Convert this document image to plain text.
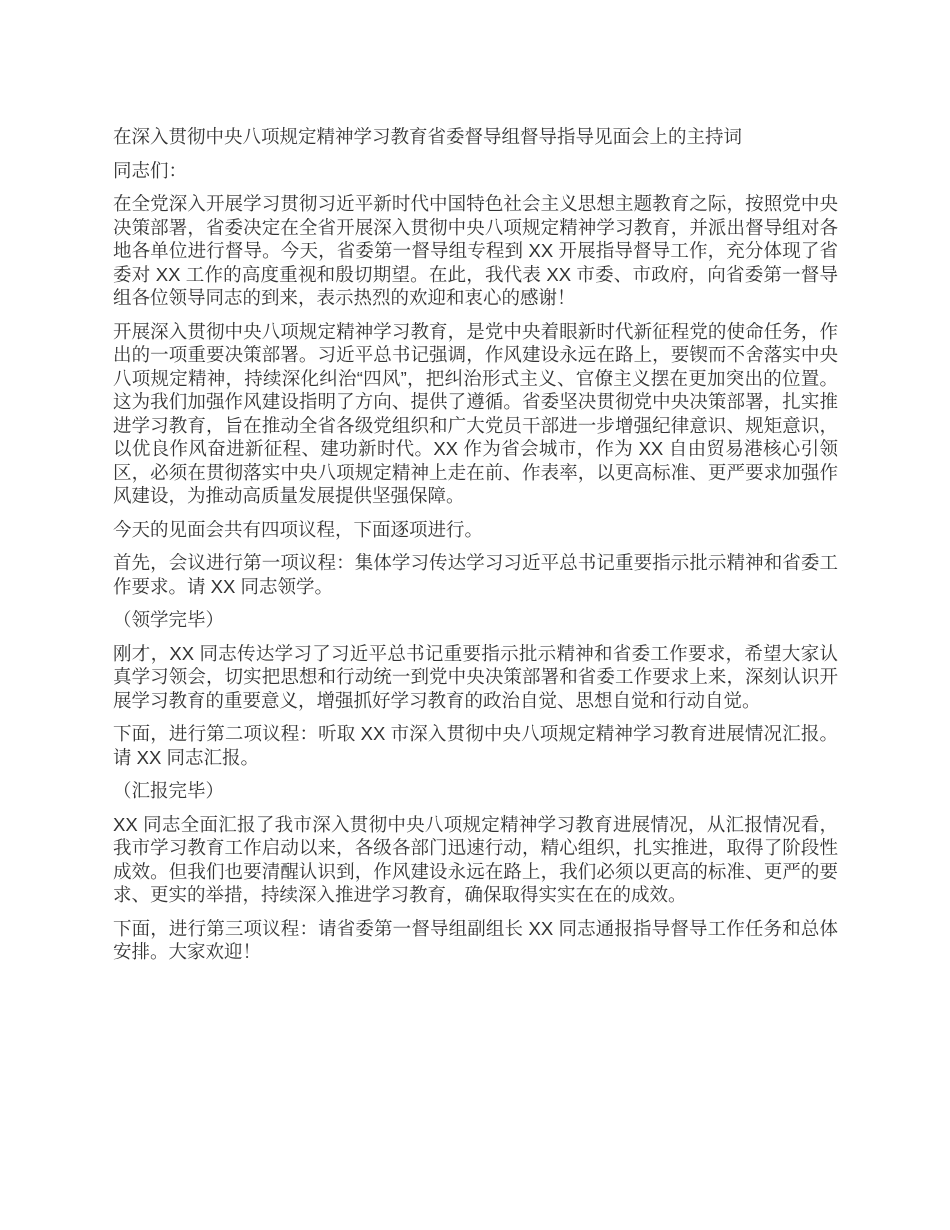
在深入贯彻中央八项规定精神学习教育省委督导组督导指导见面会上的主持词

同志们：

在全党深入开展学习贯彻习近平新时代中国特色社会主义思想主题教育之际，按照党中央决策部署，省委决定在全省开展深入贯彻中央八项规定精神学习教育，并派出督导组对各地各单位进行督导。今天，省委第一督导组专程到 XX 开展指导督导工作，充分体现了省委对 XX 工作的高度重视和殷切期望。在此，我代表 XX 市委、市政府，向省委第一督导组各位领导同志的到来，表示热烈的欢迎和衷心的感谢！

开展深入贯彻中央八项规定精神学习教育，是党中央着眼新时代新征程党的使命任务，作出的一项重要决策部署。习近平总书记强调，作风建设永远在路上，要锲而不舍落实中央八项规定精神，持续深化纠治“四风”，把纠治形式主义、官僚主义摆在更加突出的位置。这为我们加强作风建设指明了方向、提供了遵循。省委坚决贯彻党中央决策部署，扎实推进学习教育，旨在推动全省各级党组织和广大党员干部进一步增强纪律意识、规矩意识，以优良作风奋进新征程、建功新时代。XX 作为省会城市，作为 XX 自由贸易港核心引领区，必须在贯彻落实中央八项规定精神上走在前、作表率，以更高标准、更严要求加强作风建设，为推动高质量发展提供坚强保障。

今天的见面会共有四项议程，下面逐项进行。

首先，会议进行第一项议程：集体学习传达学习习近平总书记重要指示批示精神和省委工作要求。请 XX 同志领学。

（领学完毕）

刚才，XX 同志传达学习了习近平总书记重要指示批示精神和省委工作要求，希望大家认真学习领会，切实把思想和行动统一到党中央决策部署和省委工作要求上来，深刻认识开展学习教育的重要意义，增强抓好学习教育的政治自觉、思想自觉和行动自觉。

下面，进行第二项议程：听取 XX 市深入贯彻中央八项规定精神学习教育进展情况汇报。请 XX 同志汇报。

（汇报完毕）

XX 同志全面汇报了我市深入贯彻中央八项规定精神学习教育进展情况，从汇报情况看，我市学习教育工作启动以来，各级各部门迅速行动，精心组织，扎实推进，取得了阶段性成效。但我们也要清醒认识到，作风建设永远在路上，我们必须以更高的标准、更严的要求、更实的举措，持续深入推进学习教育，确保取得实实在在的成效。

下面，进行第三项议程：请省委第一督导组副组长 XX 同志通报指导督导工作任务和总体安排。大家欢迎！
